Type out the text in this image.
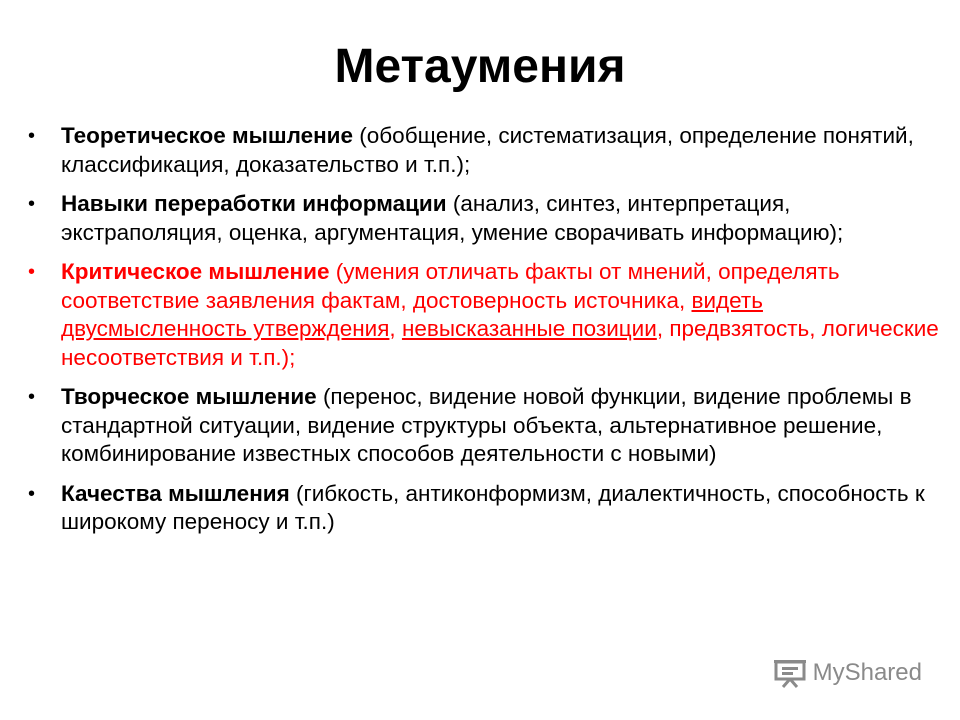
Метаумения
• Теоретическое мышление (обобщение, систематизация, определение понятий, классификация, доказательство и т.п.);
• Навыки переработки информации (анализ, синтез, интерпретация, экстраполяция, оценка, аргументация, умение сворачивать информацию);
• Критическое мышление (умения отличать факты от мнений, определять соответствие заявления фактам, достоверность источника, видеть двусмысленность утверждения, невысказанные позиции, предвзятость, логические несоответствия и т.п.);
• Творческое мышление (перенос, видение новой функции, видение проблемы в стандартной ситуации, видение структуры объекта, альтернативное решение, комбинирование известных способов деятельности с новыми)
• Качества мышления (гибкость, антиконформизм, диалектичность, способность к широкому переносу и т.п.)
MyShared
